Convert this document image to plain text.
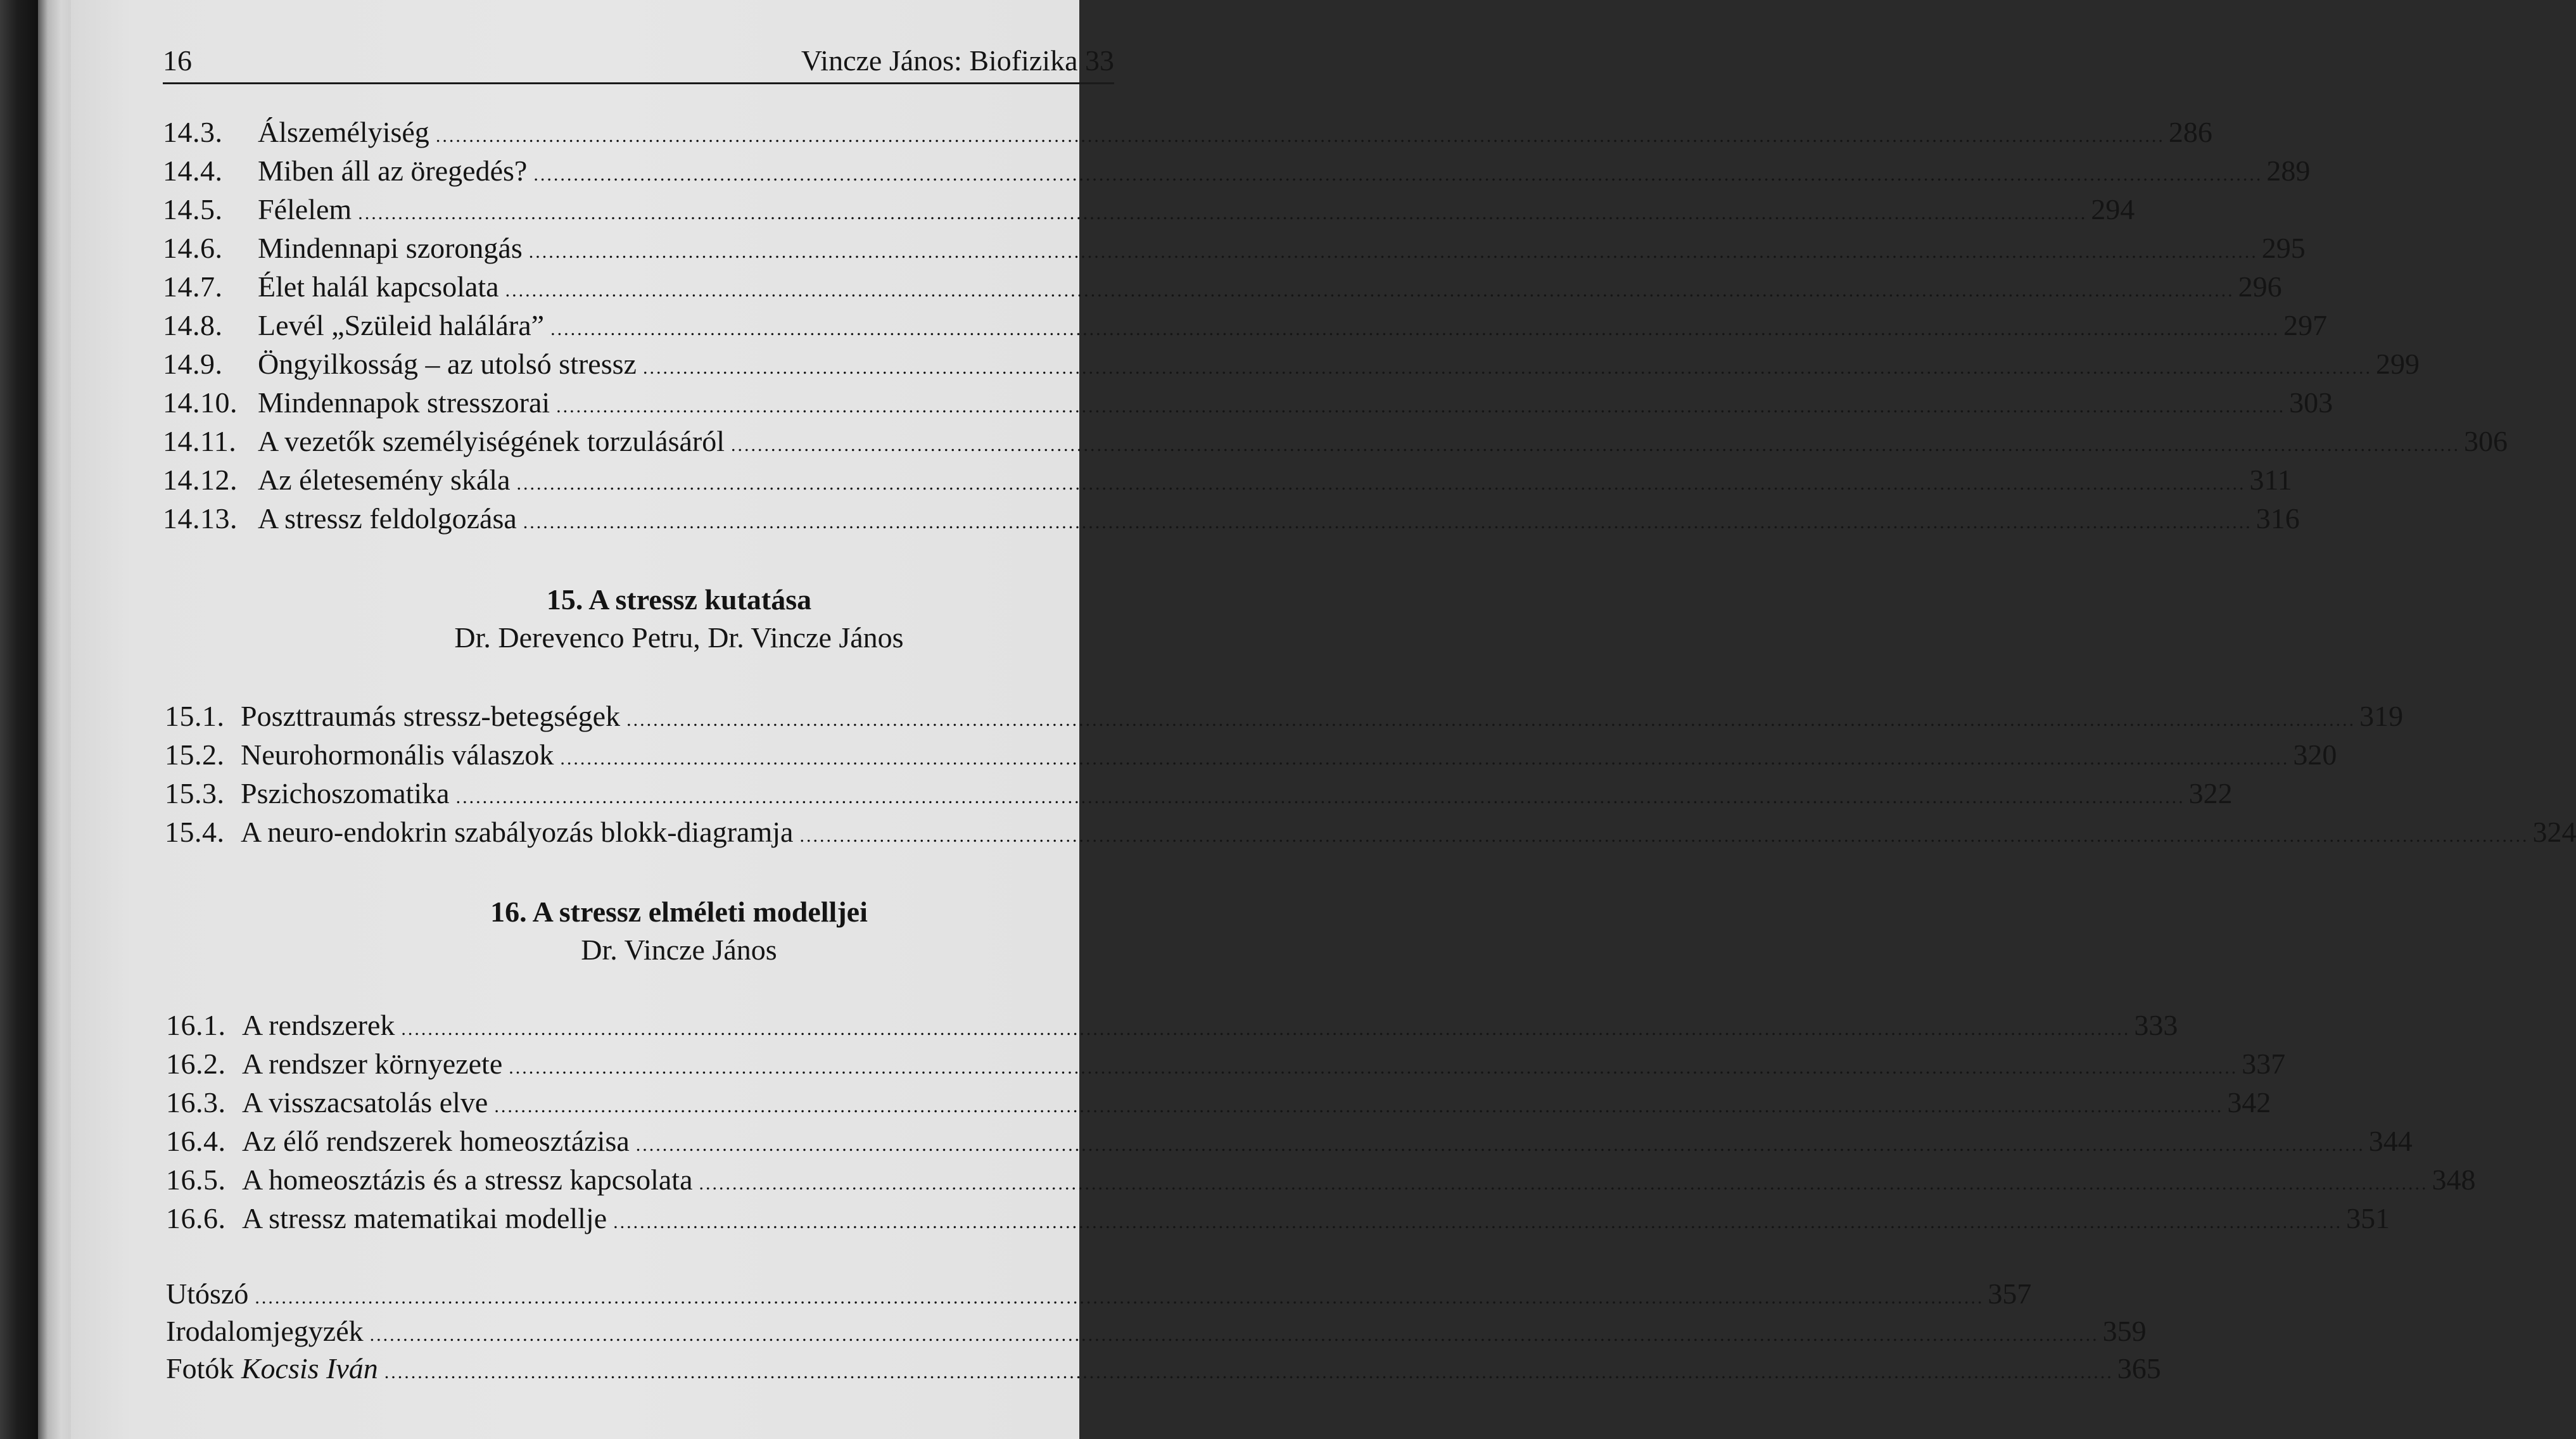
16	Vincze János: Biofizika 33
14.3.	Álszemélyiség .....	286
14.4.	Miben áll az öregedés? .....	289
14.5.	Félelem .....	294
14.6.	Mindennapi szorongás .....	295
14.7.	Élet halál kapcsolata .....	296
14.8.	Levél „Szüleid halálára” .....	297
14.9.	Öngyilkosság – az utolsó stressz .....	299
14.10. Mindennapok stresszorai .....	303
14.11. A vezetők személyiségének torzulásáról .....	306
14.12. Az életesemény skála .....	311
14.13. A stressz feldolgozása .....	316
15. A stressz kutatása
Dr. Derevenco Petru, Dr. Vincze János
15.1. Poszttraumás stressz-betegségek .....	319
15.2. Neurohormonális válaszok .....	320
15.3. Pszichoszomatika .....	322
15.4. A neuro-endokrin szabályozás blokk-diagramja .....	324
16. A stressz elméleti modelljei
Dr. Vincze János
16.1. A rendszerek .....	333
16.2. A rendszer környezete .....	337
16.3. A visszacsatolás elve .....	342
16.4. Az élő rendszerek homeosztázisa .....	344
16.5. A homeosztázis és a stressz kapcsolata .....	348
16.6. A stressz matematikai modellje .....	351
Utószó .....	357
Irodalomjegyzék .....	359
Fotók Kocsis Iván .....	365
